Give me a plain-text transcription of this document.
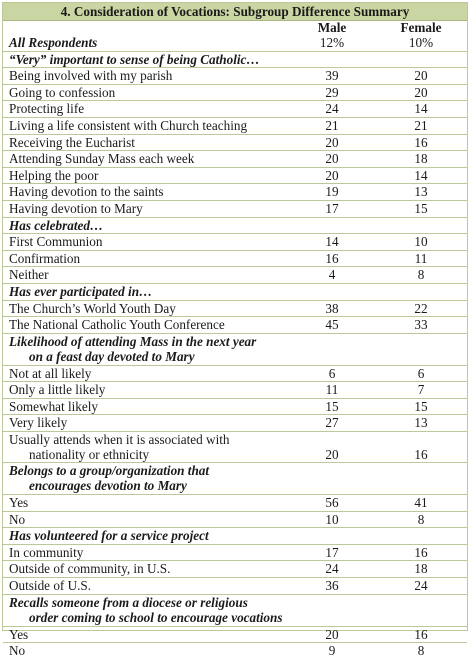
4. Consideration of Vocations: Subgroup Difference Summary		
	Male	Female
All Respondents	12%	10%
“Very” important to sense of being Catholic…		
Being involved with my parish	39	20
Going to confession	29	20
Protecting life	24	14
Living a life consistent with Church teaching	21	21
Receiving the Eucharist	20	16
Attending Sunday Mass each week	20	18
Helping the poor	20	14
Having devotion to the saints	19	13
Having devotion to Mary	17	15
Has celebrated…		
First Communion	14	10
Confirmation	16	11
Neither	4	8
Has ever participated in…		
The Church’s World Youth Day	38	22
The National Catholic Youth Conference	45	33
Likelihood of attending Mass in the next year
on a feast day devoted to Mary		

Not at all likely	6	6
Only a little likely	11	7
Somewhat likely	15	15
Very likely	27	13
Usually attends when it is associated with
nationality or ethnicity	20	16
Belongs to a group/organization that
encourages devotion to Mary		

Yes	56	41
No	10	8
Has volunteered for a service project		
In community	17	16
Outside of community, in U.S.	24	18
Outside of U.S.	36	24
Recalls someone from a diocese or religious
order coming to school to encourage vocations		

Yes	20	16
No	9	8
